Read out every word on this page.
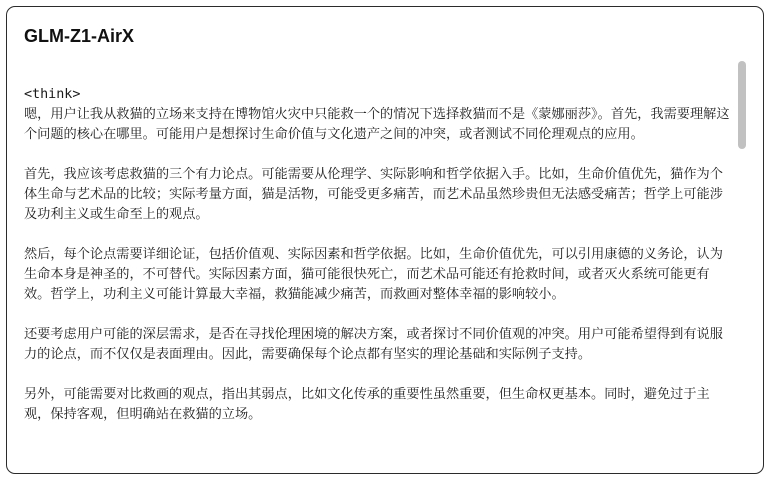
GLM-Z1-AirX

<think>

嗯，用户让我从救猫的立场来支持在博物馆火灾中只能救一个的情况下选择救猫而不是《蒙娜丽莎》。首先，我需要理解这个问题的核心在哪里。可能用户是想探讨生命价值与文化遗产之间的冲突，或者测试不同伦理观点的应用。

首先，我应该考虑救猫的三个有力论点。可能需要从伦理学、实际影响和哲学依据入手。比如，生命价值优先，猫作为个体生命与艺术品的比较；实际考量方面，猫是活物，可能受更多痛苦，而艺术品虽然珍贵但无法感受痛苦；哲学上可能涉及功利主义或生命至上的观点。

然后，每个论点需要详细论证，包括价值观、实际因素和哲学依据。比如，生命价值优先，可以引用康德的义务论，认为生命本身是神圣的，不可替代。实际因素方面，猫可能很快死亡，而艺术品可能还有抢救时间，或者灭火系统可能更有效。哲学上，功利主义可能计算最大幸福，救猫能减少痛苦，而救画对整体幸福的影响较小。

还要考虑用户可能的深层需求，是否在寻找伦理困境的解决方案，或者探讨不同价值观的冲突。用户可能希望得到有说服力的论点，而不仅仅是表面理由。因此，需要确保每个论点都有坚实的理论基础和实际例子支持。

另外，可能需要对比救画的观点，指出其弱点，比如文化传承的重要性虽然重要，但生命权更基本。同时，避免过于主观，保持客观，但明确站在救猫的立场。
